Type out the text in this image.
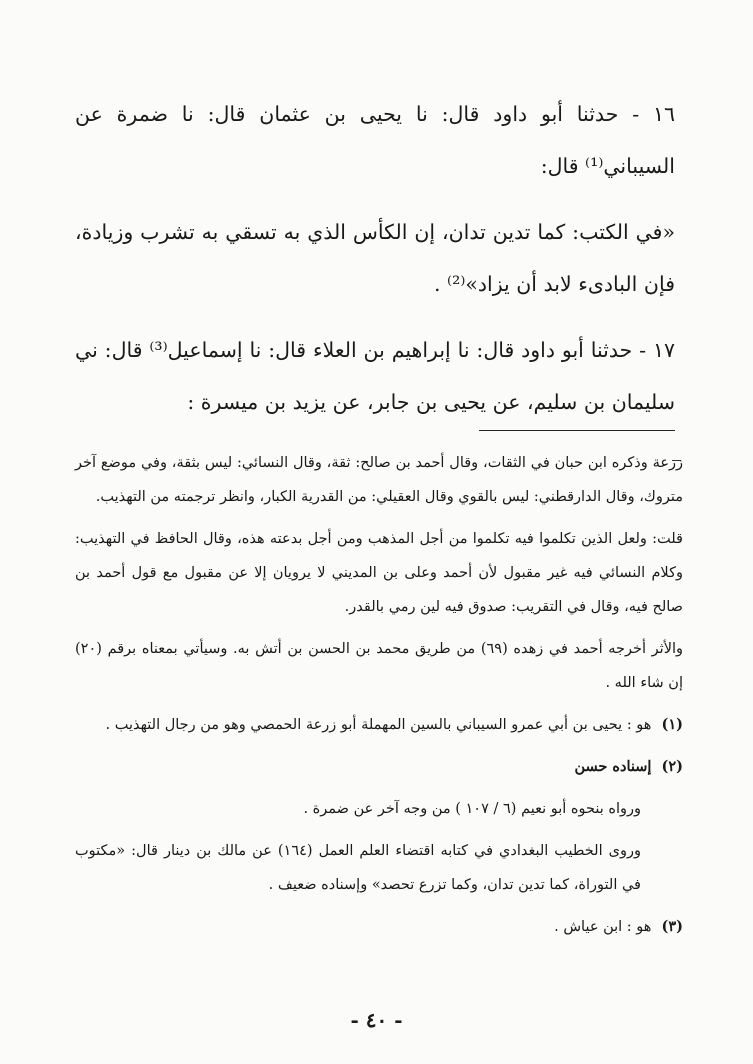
١٦ - حدثنا أبو داود قال: نا يحيى بن عثمان قال: نا ضمرة عن السيباني⁽¹⁾ قال:

«في الكتب: كما تدين تدان، إن الكأس الذي به تسقي به تشرب وزيادة، فإن البادىء لابد أن يزاد»⁽²⁾ .

١٧ - حدثنا أبو داود قال: نا إبراهيم بن العلاء قال: نا إسماعيل⁽³⁾ قال: ني سليمان بن سليم، عن يحيى بن جابر، عن يزيد بن ميسرة :

زرعة وذكره ابن حبان في الثقات، وقال أحمد بن صالح: ثقة، وقال النسائي: ليس بثقة، وفي موضع آخر متروك، وقال الدارقطني: ليس بالقوي وقال العقيلي: من القدرية الكبار، وانظر ترجمته من التهذيب.

قلت: ولعل الذين تكلموا فيه تكلموا من أجل المذهب ومن أجل بدعته هذه، وقال الحافظ في التهذيب: وكلام النسائي فيه غير مقبول لأن أحمد وعلى بن المديني لا يرويان إلا عن مقبول مع قول أحمد بن صالح فيه، وقال في التقريب: صدوق فيه لين رمي بالقدر.

والأثر أخرجه أحمد في زهده (٦٩) من طريق محمد بن الحسن بن أتش به. وسيأتي بمعناه برقم (٢٠) إن شاء الله .

(١)
هو : يحيى بن أبي عمرو السيباني بالسين المهملة أبو زرعة الحمصي وهو من رجال التهذيب .
(٢)
إسناده حسن

ورواه بنحوه أبو نعيم (٦ / ١٠٧ ) من وجه آخر عن ضمرة .

وروى الخطيب البغدادي في كتابه اقتضاء العلم العمل (١٦٤) عن مالك بن دينار قال: «مكتوب في التوراة، كما تدين تدان، وكما تزرع تحصد» وإسناده ضعيف .

(٣)
هو : ابن عياش .
- ٤٠ -
